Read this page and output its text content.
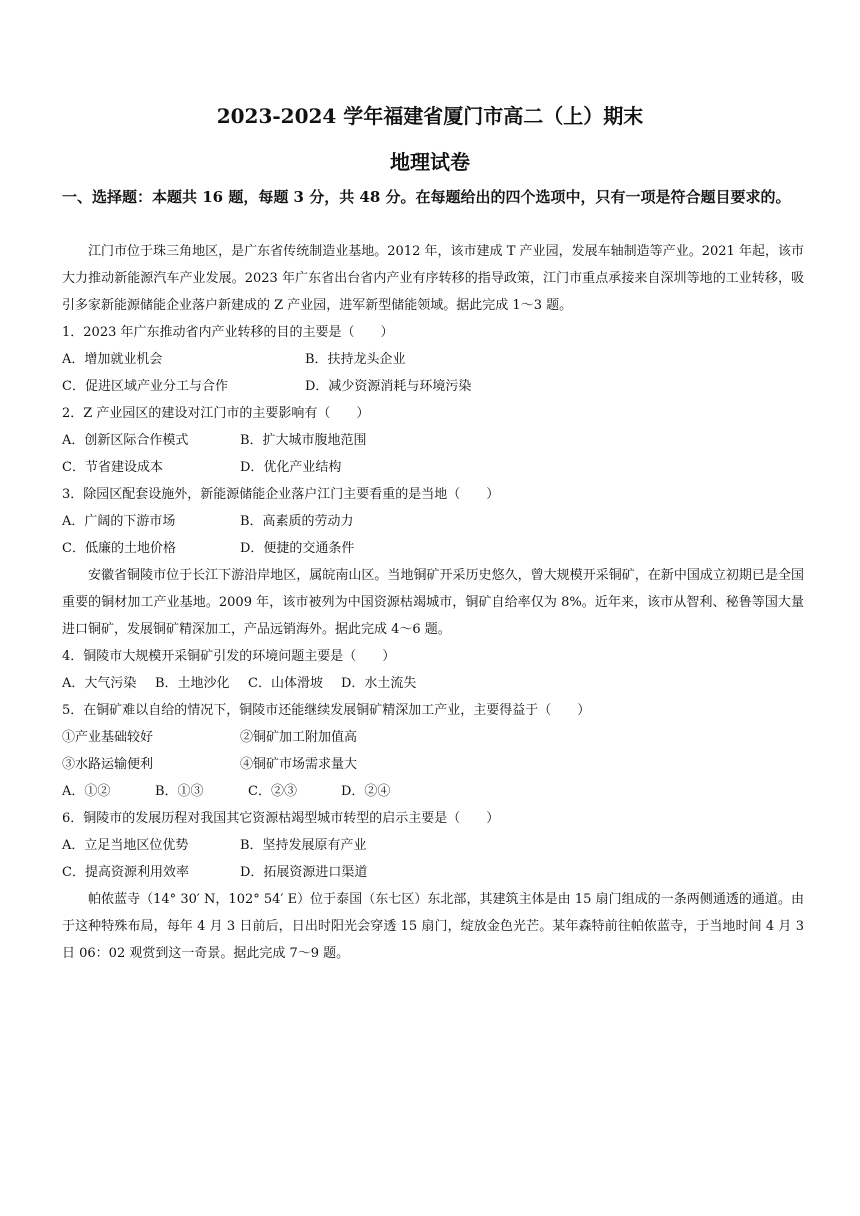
2023-2024 学年福建省厦门市高二（上）期末
地理试卷
一、选择题：本题共 16 题，每题 3 分，共 48 分。在每题给出的四个选项中，只有一项是符合题目要求的。

江门市位于珠三角地区，是广东省传统制造业基地。2012 年，该市建成 T 产业园，发展车轴制造等产业。2021 年起，该市大力推动新能源汽车产业发展。2023 年广东省出台省内产业有序转移的指导政策，江门市重点承接来自深圳等地的工业转移，吸引多家新能源储能企业落户新建成的 Z 产业园，进军新型储能领域。据此完成 1～3 题。

1．2023 年广东推动省内产业转移的目的主要是（　　）
A．增加就业机会	B．扶持龙头企业
C．促进区域产业分工与合作	D．减少资源消耗与环境污染
2．Z 产业园区的建设对江门市的主要影响有（　　）
A．创新区际合作模式	B．扩大城市腹地范围
C．节省建设成本	D．优化产业结构
3．除园区配套设施外，新能源储能企业落户江门主要看重的是当地（　　）
A．广阔的下游市场	B．高素质的劳动力
C．低廉的土地价格	D．便捷的交通条件

安徽省铜陵市位于长江下游沿岸地区，属皖南山区。当地铜矿开采历史悠久，曾大规模开采铜矿，在新中国成立初期已是全国重要的铜材加工产业基地。2009 年，该市被列为中国资源枯竭城市，铜矿自给率仅为 8%。近年来，该市从智利、秘鲁等国大量进口铜矿，发展铜矿精深加工，产品远销海外。据此完成 4～6 题。

4．铜陵市大规模开采铜矿引发的环境问题主要是（　　）
A．大气污染	B．土地沙化	C．山体滑坡	D．水土流失
5．在铜矿难以自给的情况下，铜陵市还能继续发展铜矿精深加工产业，主要得益于（　　）
①产业基础较好	②铜矿加工附加值高
③水路运输便利	④铜矿市场需求量大
A．①②	B．①③	C．②③	D．②④
6．铜陵市的发展历程对我国其它资源枯竭型城市转型的启示主要是（　　）
A．立足当地区位优势	B．坚持发展原有产业
C．提高资源利用效率	D．拓展资源进口渠道

帕侬蓝寺（14° 30′ N，102° 54′ E）位于泰国（东七区）东北部，其建筑主体是由 15 扇门组成的一条两侧通透的通道。由于这种特殊布局，每年 4 月 3 日前后，日出时阳光会穿透 15 扇门，绽放金色光芒。某年森特前往帕侬蓝寺，于当地时间 4 月 3 日 06：02 观赏到这一奇景。据此完成 7～9 题。
